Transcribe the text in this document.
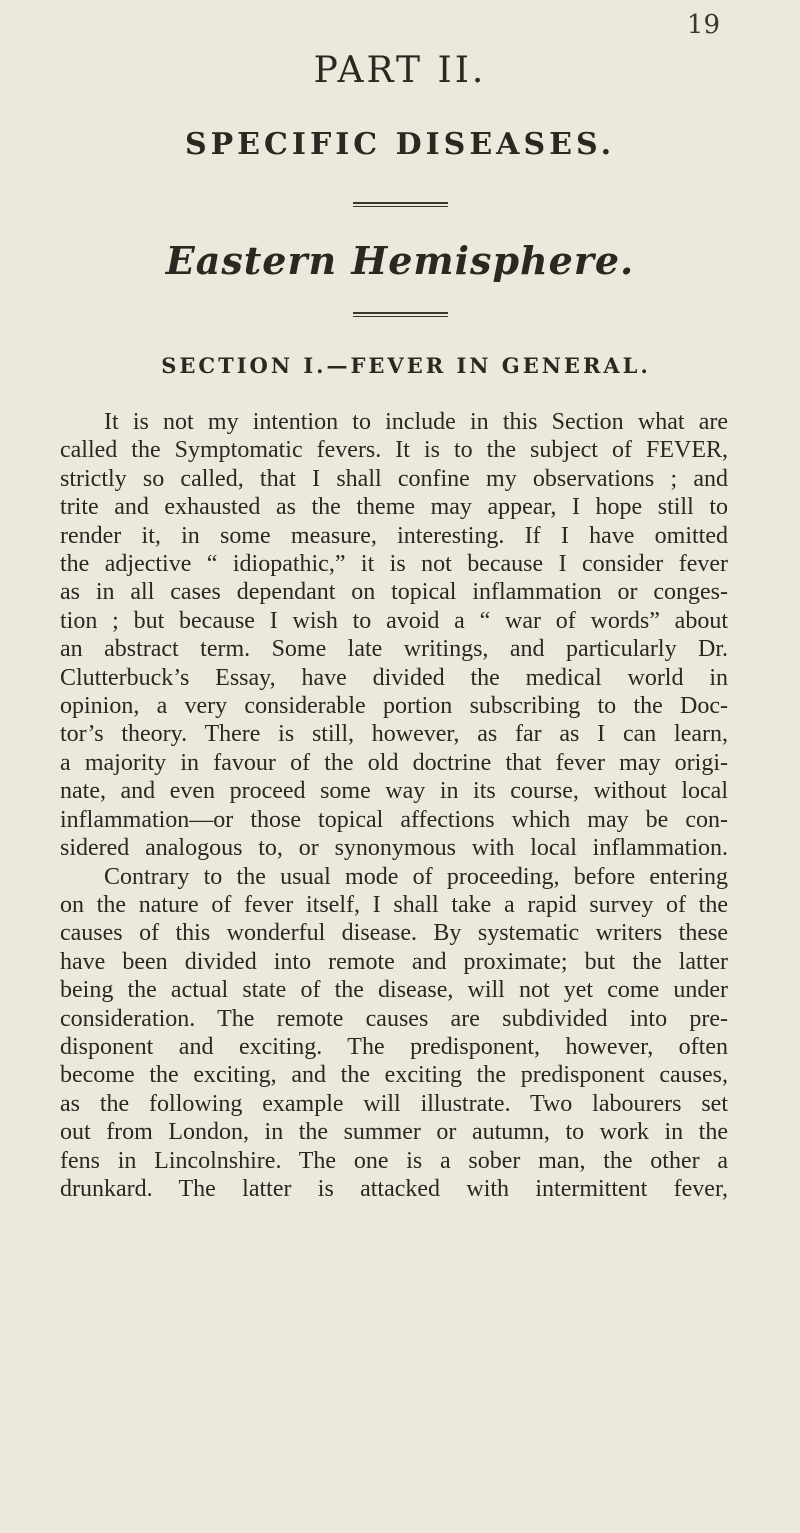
19
PART II.
SPECIFIC DISEASES.
Eastern Hemisphere.
SECTION I.—FEVER IN GENERAL.
It is not my intention to include in this Section what are
called the Symptomatic fevers. It is to the subject of FEVER,
strictly so called, that I shall confine my observations ; and
trite and exhausted as the theme may appear, I hope still to
render it, in some measure, interesting. If I have omitted
the adjective “ idiopathic,” it is not because I consider fever
as in all cases dependant on topical inflammation or conges-
tion ; but because I wish to avoid a “ war of words” about
an abstract term. Some late writings, and particularly Dr.
Clutterbuck’s Essay, have divided the medical world in
opinion, a very considerable portion subscribing to the Doc-
tor’s theory. There is still, however, as far as I can learn,
a majority in favour of the old doctrine that fever may origi-
nate, and even proceed some way in its course, without local
inflammation—or those topical affections which may be con-
sidered analogous to, or synonymous with local inflammation.
Contrary to the usual mode of proceeding, before entering
on the nature of fever itself, I shall take a rapid survey of the
causes of this wonderful disease. By systematic writers these
have been divided into remote and proximate; but the latter
being the actual state of the disease, will not yet come under
consideration. The remote causes are subdivided into pre-
disponent and exciting. The predisponent, however, often
become the exciting, and the exciting the predisponent causes,
as the following example will illustrate. Two labourers set
out from London, in the summer or autumn, to work in the
fens in Lincolnshire. The one is a sober man, the other a
drunkard. The latter is attacked with intermittent fever,
